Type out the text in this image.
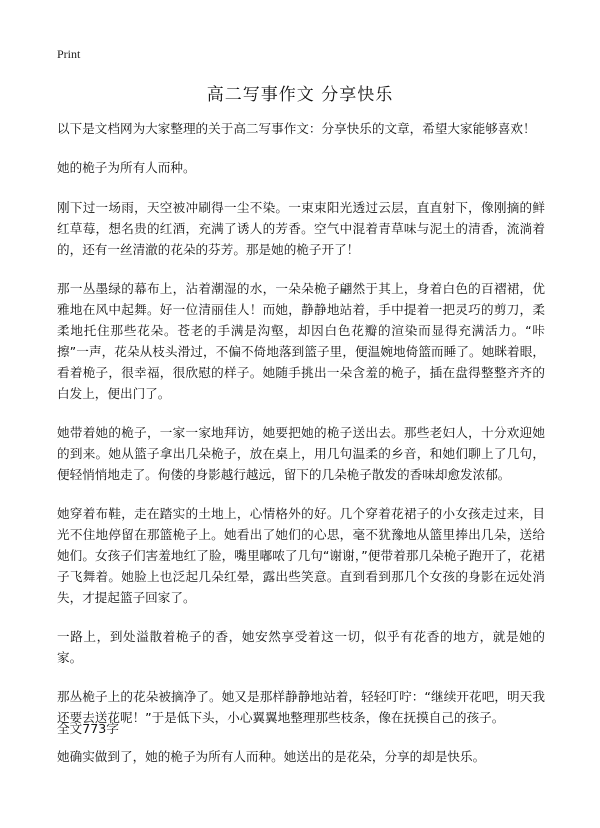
Print
高二写事作文 分享快乐

以下是文档网为大家整理的关于高二写事作文：分享快乐的文章，希望大家能够喜欢！

她的桅子为所有人而种。

刚下过一场雨，天空被冲刷得一尘不染。一束束阳光透过云层，直直射下，像刚摘的鲜红草莓，想名贵的红酒，充满了诱人的芳香。空气中混着青草味与泥土的清香，流淌着的，还有一丝清澈的花朵的芬芳。那是她的桅子开了！

那一丛墨绿的幕布上，沾着潮湿的水，一朵朵桅子翩然于其上，身着白色的百褶裙，优雅地在风中起舞。好一位清丽佳人！而她，静静地站着，手中提着一把灵巧的剪刀，柔柔地托住那些花朵。苍老的手满是沟壑，却因白色花瓣的渲染而显得充满活力。“咔擦”一声，花朵从枝头滑过，不偏不倚地落到篮子里，便温婉地倚篮而睡了。她眯着眼，看着桅子，很幸福，很欣慰的样子。她随手挑出一朵含羞的桅子，插在盘得整整齐齐的白发上，便出门了。

她带着她的桅子，一家一家地拜访，她要把她的桅子送出去。那些老妇人，十分欢迎她的到来。她从篮子拿出几朵桅子，放在桌上，用几句温柔的乡音，和她们聊上了几句，便轻悄悄地走了。佝偻的身影越行越远，留下的几朵桅子散发的香味却愈发浓郁。

她穿着布鞋，走在踏实的土地上，心情格外的好。几个穿着花裙子的小女孩走过来，目光不住地停留在那篮桅子上。她看出了她们的心思，毫不犹豫地从篮里捧出几朵，送给她们。女孩子们害羞地红了脸，嘴里嘟哝了几句“谢谢，”便带着那几朵桅子跑开了，花裙子飞舞着。她脸上也泛起几朵红晕，露出些笑意。直到看到那几个女孩的身影在远处消失，才提起篮子回家了。

一路上，到处溢散着桅子的香，她安然享受着这一切，似乎有花香的地方，就是她的家。

那丛桅子上的花朵被摘净了。她又是那样静静地站着，轻轻叮咛：“继续开花吧，明天我还要去送花呢！”于是低下头，小心翼翼地整理那些枝条，像在抚摸自己的孩子。

她确实做到了，她的桅子为所有人而种。她送出的是花朵，分享的却是快乐。

全文773字
